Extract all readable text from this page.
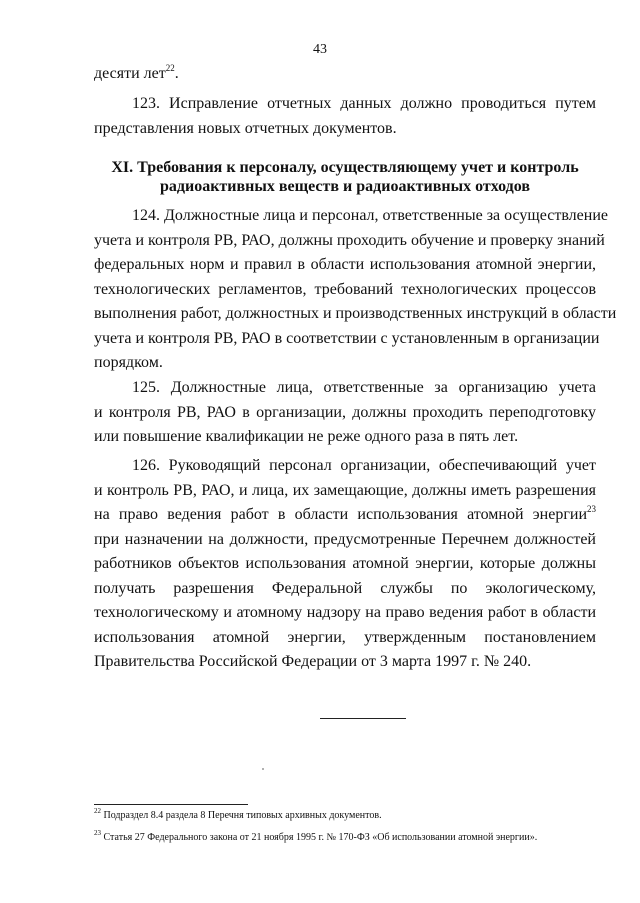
43
десяти лет$^{22}$.
123. Исправление отчетных данных должно проводиться путем
представления новых отчетных документов.
XI. Требования к персоналу, осуществляющему учет и контроль
радиоактивных веществ и радиоактивных отходов
124. Должностные лица и персонал, ответственные за осуществление
учета и контроля РВ, РАО, должны проходить обучение и проверку знаний
федеральных норм и правил в области использования атомной энергии,
технологических регламентов, требований технологических процессов
выполнения работ, должностных и производственных инструкций в области
учета и контроля РВ, РАО в соответствии с установленным в организации
порядком.
125. Должностные лица, ответственные за организацию учета
и контроля РВ, РАО в организации, должны проходить переподготовку
или повышение квалификации не реже одного раза в пять лет.
126. Руководящий персонал организации, обеспечивающий учет
и контроль РВ, РАО, и лица, их замещающие, должны иметь разрешения
на право ведения работ в области использования атомной энергии$^{23}$
при назначении на должности, предусмотренные Перечнем должностей
работников объектов использования атомной энергии, которые должны
получать разрешения Федеральной службы по экологическому,
технологическому и атомному надзору на право ведения работ в области
использования атомной энергии, утвержденным постановлением
Правительства Российской Федерации от 3 марта 1997 г. № 240.
$^{22}$ Подраздел 8.4 раздела 8 Перечня типовых архивных документов.
$^{23}$ Статья 27 Федерального закона от 21 ноября 1995 г. № 170-ФЗ «Об использовании атомной энергии».
